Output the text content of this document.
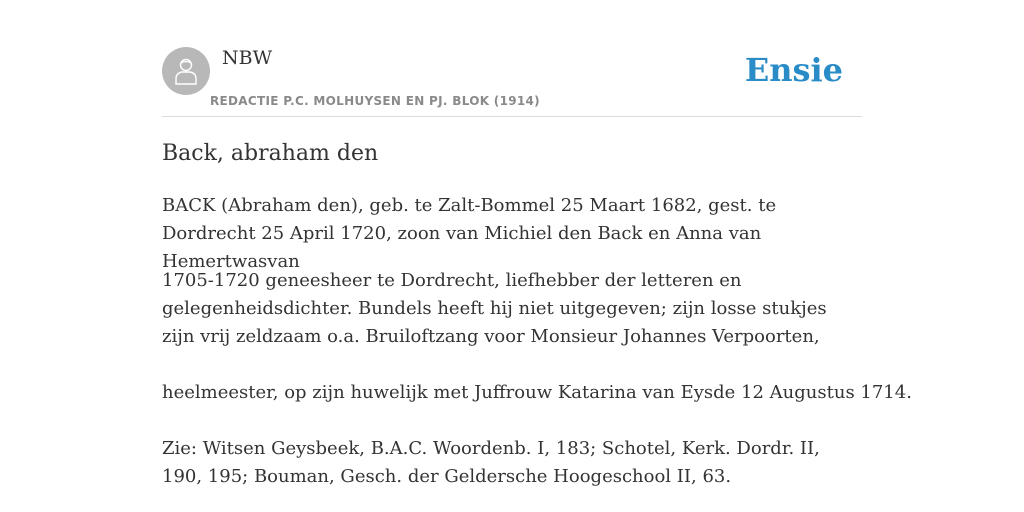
NBW
REDACTIE P.C. MOLHUYSEN EN PJ. BLOK (1914)
Ensie
Back, abraham den

BACK (Abraham den), geb. te Zalt-Bommel 25 Maart 1682, gest. te Dordrecht 25 April 1720, zoon van Michiel den Back en Anna van Hemertwasvan

1705-1720 geneesheer te Dordrecht, liefhebber der letteren en gelegenheidsdichter. Bundels heeft hij niet uitgegeven; zijn losse stukjes zijn vrij zeldzaam o.a. Bruiloftzang voor Monsieur Johannes Verpoorten,

heelmeester, op zijn huwelijk met Juffrouw Katarina van Eysde 12 Augustus 1714.

Zie: Witsen Geysbeek, B.A.C. Woordenb. I, 183; Schotel, Kerk. Dordr. II, 190, 195; Bouman, Gesch. der Geldersche Hoogeschool II, 63.
